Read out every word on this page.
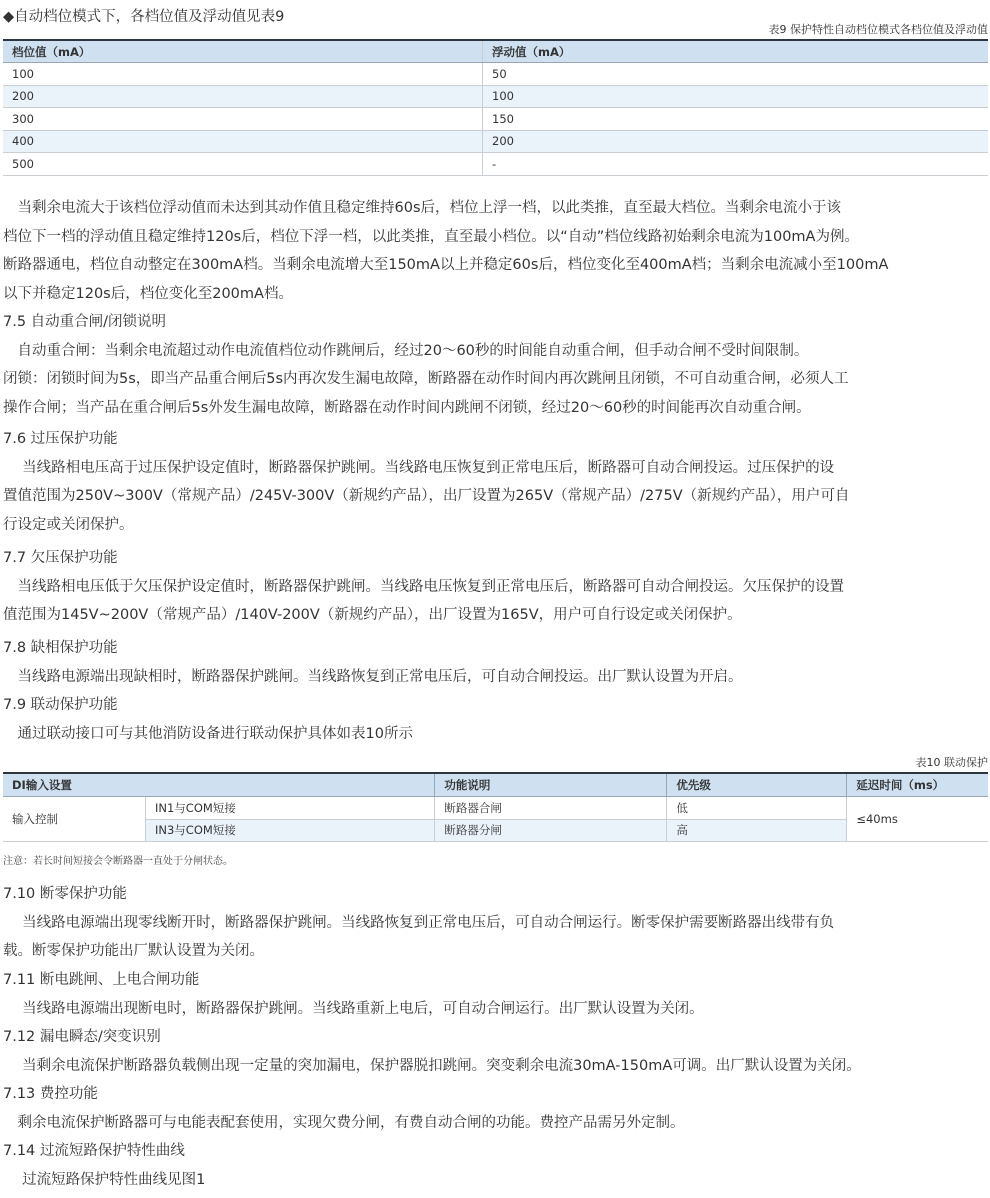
◆自动档位模式下，各档位值及浮动值见表9
表9 保护特性自动档位模式各档位值及浮动值
档位值（mA）	浮动值（mA）
100	50
200	100
300	150
400	200
500	-

　当剩余电流大于该档位浮动值而未达到其动作值且稳定维持60s后，档位上浮一档，以此类推，直至最大档位。当剩余电流小于该

档位下一档的浮动值且稳定维持120s后，档位下浮一档，以此类推，直至最小档位。以“自动”档位线路初始剩余电流为100mA为例。

断路器通电，档位自动整定在300mA档。当剩余电流增大至150mA以上并稳定60s后，档位变化至400mA档；当剩余电流减小至100mA

以下并稳定120s后，档位变化至200mA档。

7.5 自动重合闸/闭锁说明

　自动重合闸：当剩余电流超过动作电流值档位动作跳闸后，经过20～60秒的时间能自动重合闸，但手动合闸不受时间限制。

闭锁：闭锁时间为5s，即当产品重合闸后5s内再次发生漏电故障，断路器在动作时间内再次跳闸且闭锁，不可自动重合闸，必须人工

操作合闸；当产品在重合闸后5s外发生漏电故障，断路器在动作时间内跳闸不闭锁，经过20～60秒的时间能再次自动重合闸。

7.6 过压保护功能

　 当线路相电压高于过压保护设定值时，断路器保护跳闸。当线路电压恢复到正常电压后，断路器可自动合闸投运。过压保护的设

置值范围为250V~300V（常规产品）/245V-300V（新规约产品），出厂设置为265V（常规产品）/275V（新规约产品），用户可自

行设定或关闭保护。

7.7 欠压保护功能

　当线路相电压低于欠压保护设定值时，断路器保护跳闸。当线路电压恢复到正常电压后，断路器可自动合闸投运。欠压保护的设置

值范围为145V~200V（常规产品）/140V-200V（新规约产品），出厂设置为165V，用户可自行设定或关闭保护。

7.8 缺相保护功能

　当线路电源端出现缺相时，断路器保护跳闸。当线路恢复到正常电压后，可自动合闸投运。出厂默认设置为开启。

7.9 联动保护功能

　通过联动接口可与其他消防设备进行联动保护具体如表10所示

表10 联动保护
DI输入设置		功能说明	优先级	延迟时间（ms）
输入控制	IN1与COM短接	断路器合闸	低	≤40ms
	IN3与COM短接	断路器分闸	高	
注意：若长时间短接会令断路器一直处于分闸状态。

7.10 断零保护功能

　 当线路电源端出现零线断开时，断路器保护跳闸。当线路恢复到正常电压后，可自动合闸运行。断零保护需要断路器出线带有负

载。断零保护功能出厂默认设置为关闭。

7.11 断电跳闸、上电合闸功能

　 当线路电源端出现断电时，断路器保护跳闸。当线路重新上电后，可自动合闸运行。出厂默认设置为关闭。

7.12 漏电瞬态/突变识别

　 当剩余电流保护断路器负载侧出现一定量的突加漏电，保护器脱扣跳闸。突变剩余电流30mA-150mA可调。出厂默认设置为关闭。

7.13 费控功能

　剩余电流保护断路器可与电能表配套使用，实现欠费分闸，有费自动合闸的功能。费控产品需另外定制。

7.14 过流短路保护特性曲线

　 过流短路保护特性曲线见图1
